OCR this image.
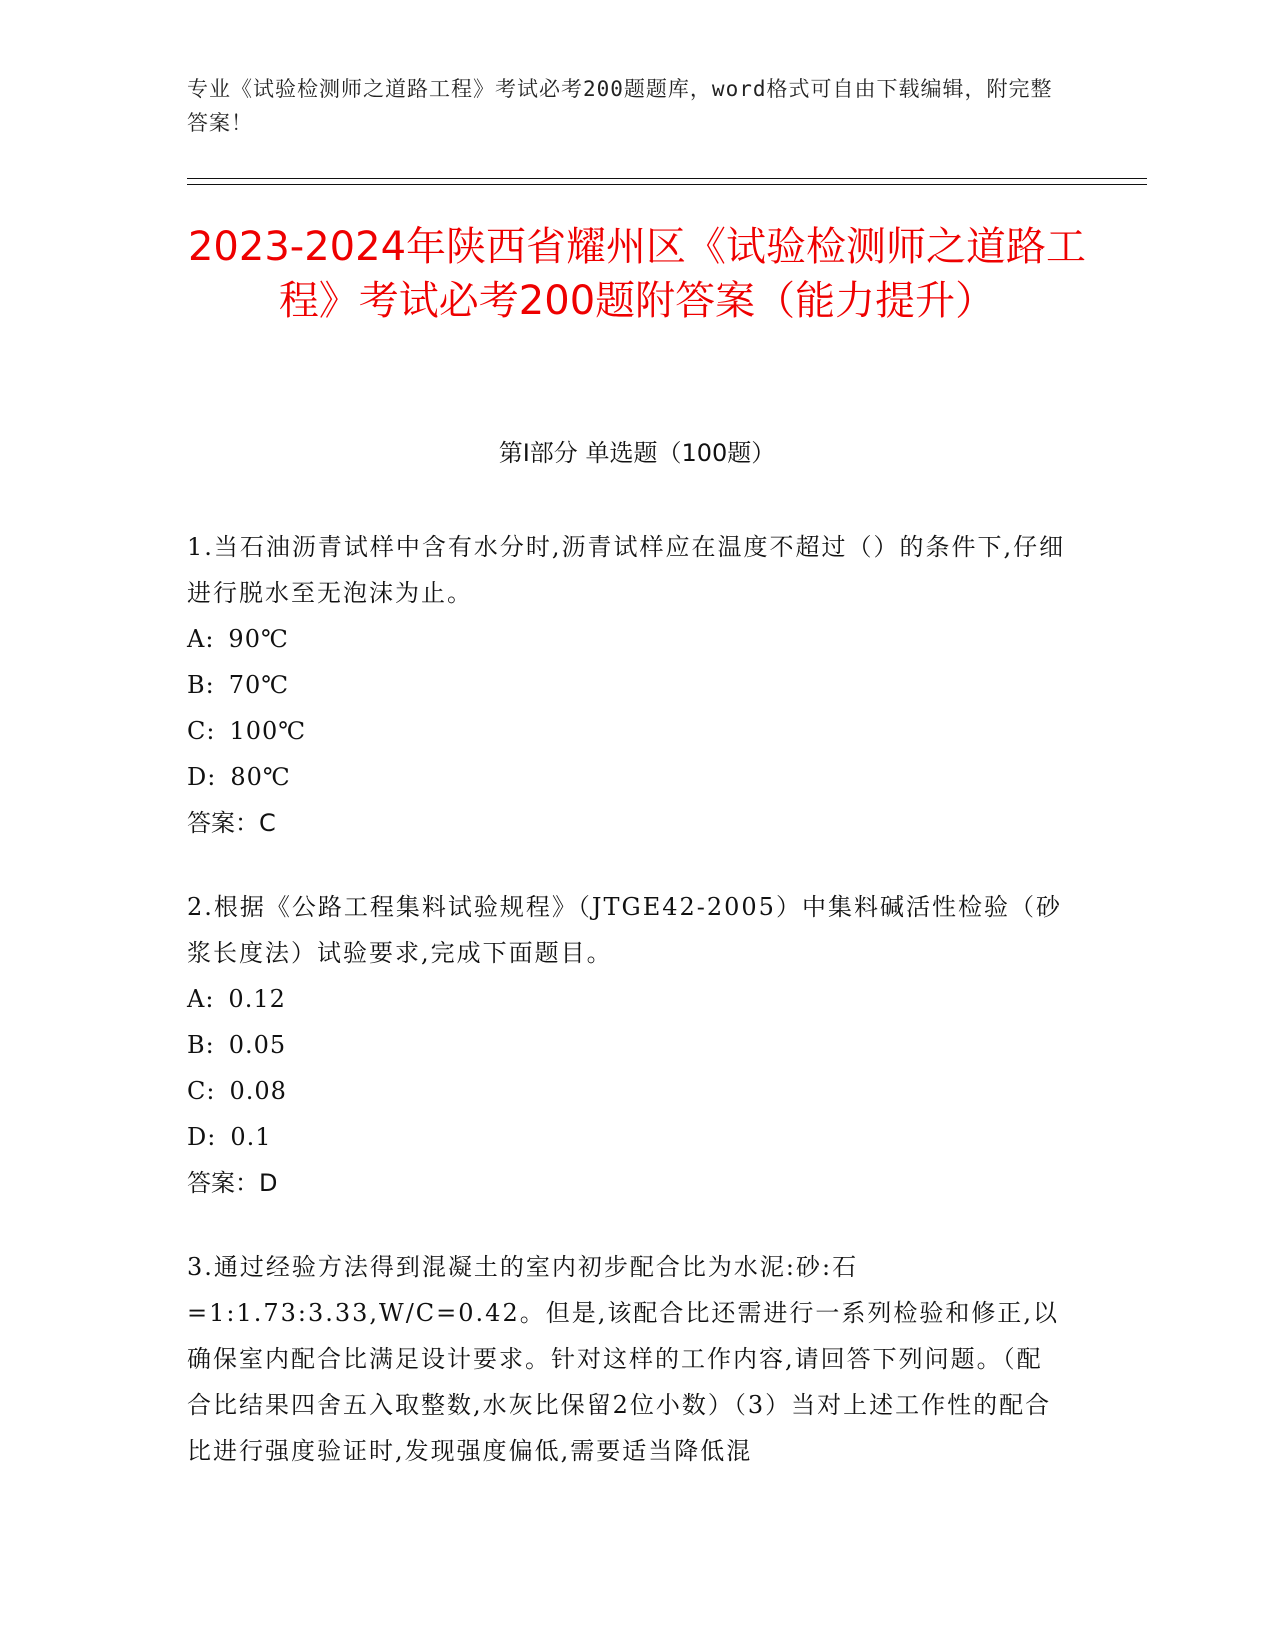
专业《试验检测师之道路工程》考试必考200题题库，word格式可自由下载编辑，附完整答案！
2023-2024年陕西省耀州区《试验检测师之道路工程》考试必考200题附答案（能力提升）
第Ⅰ部分 单选题（100题）

1.当石油沥青试样中含有水分时,沥青试样应在温度不超过（）的条件下,仔细进行脱水至无泡沫为止。

A: 90℃

B: 70℃

C: 100℃

D: 80℃

答案：C

2.根据《公路工程集料试验规程》（JTGE42-2005）中集料碱活性检验（砂浆长度法）试验要求,完成下面题目。

A: 0.12

B: 0.05

C: 0.08

D: 0.1

答案：D

3.通过经验方法得到混凝土的室内初步配合比为水泥:砂:石=1:1.73:3.33,W/C=0.42。但是,该配合比还需进行一系列检验和修正,以确保室内配合比满足设计要求。针对这样的工作内容,请回答下列问题。（配合比结果四舍五入取整数,水灰比保留2位小数）（3）当对上述工作性的配合比进行强度验证时,发现强度偏低,需要适当降低混
